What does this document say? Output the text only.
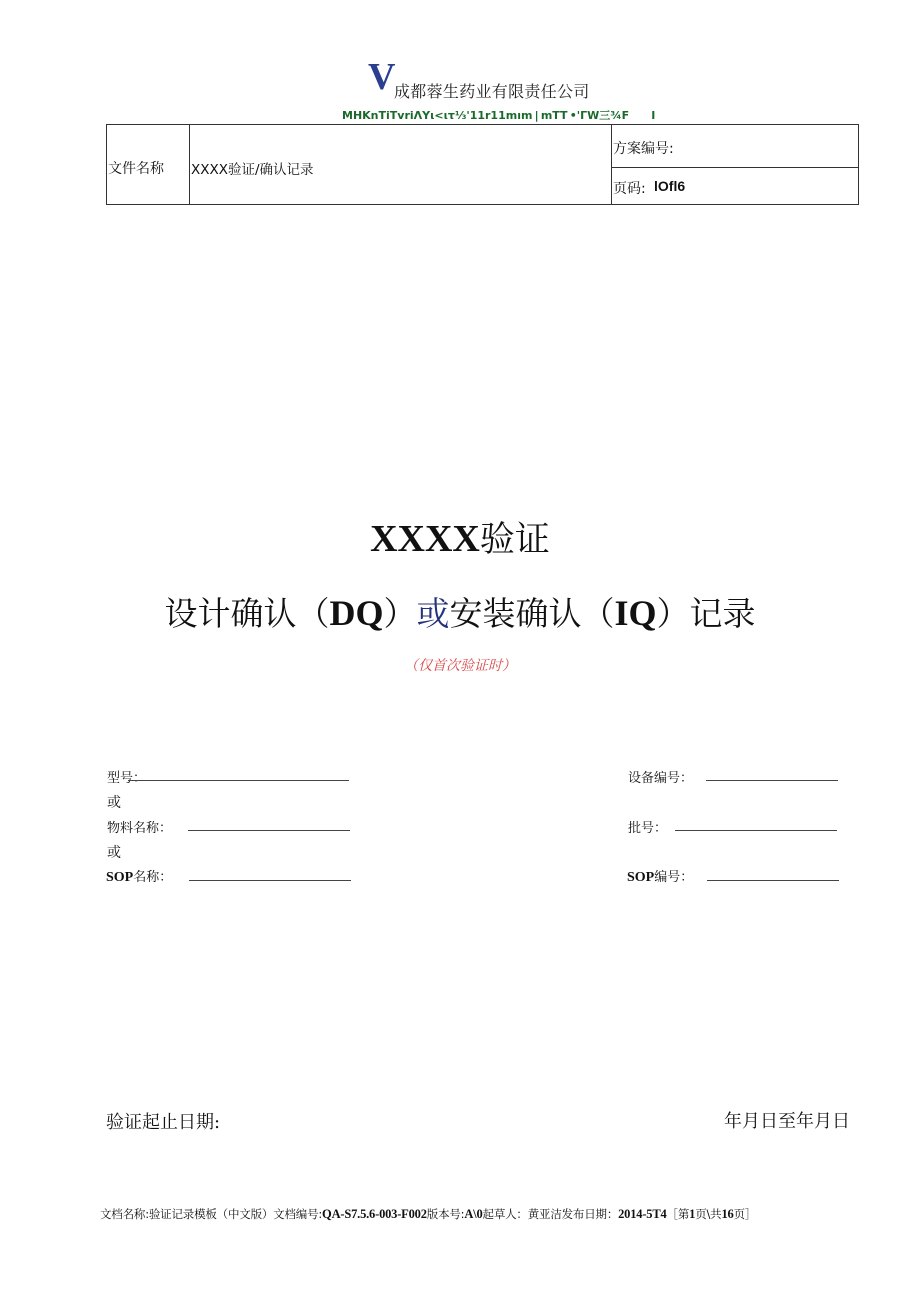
V
成都蓉生药业有限责任公司
MHKnTiTvriΛYι<ιτ⅓'11r11mım | mTT •'ΓW三¾F  I
文件名称 XXXX验证/确认记录
方案编号:
页码: lOfl6
XXXX验证
设计确认（DQ）或安装确认（IQ）记录
（仅首次验证时）
型号：	设备编号：
或
物料名称：	批号：
或
SOP名称：	SOP编号：
验证起止日期:	年月日至年月日
文档名称:验证记录模板（中文版）文档编号:QA-S7.5.6-003-F002版本号:A\0起草人：黄亚洁发布日期：2014-5T4［第1页\共16页］
